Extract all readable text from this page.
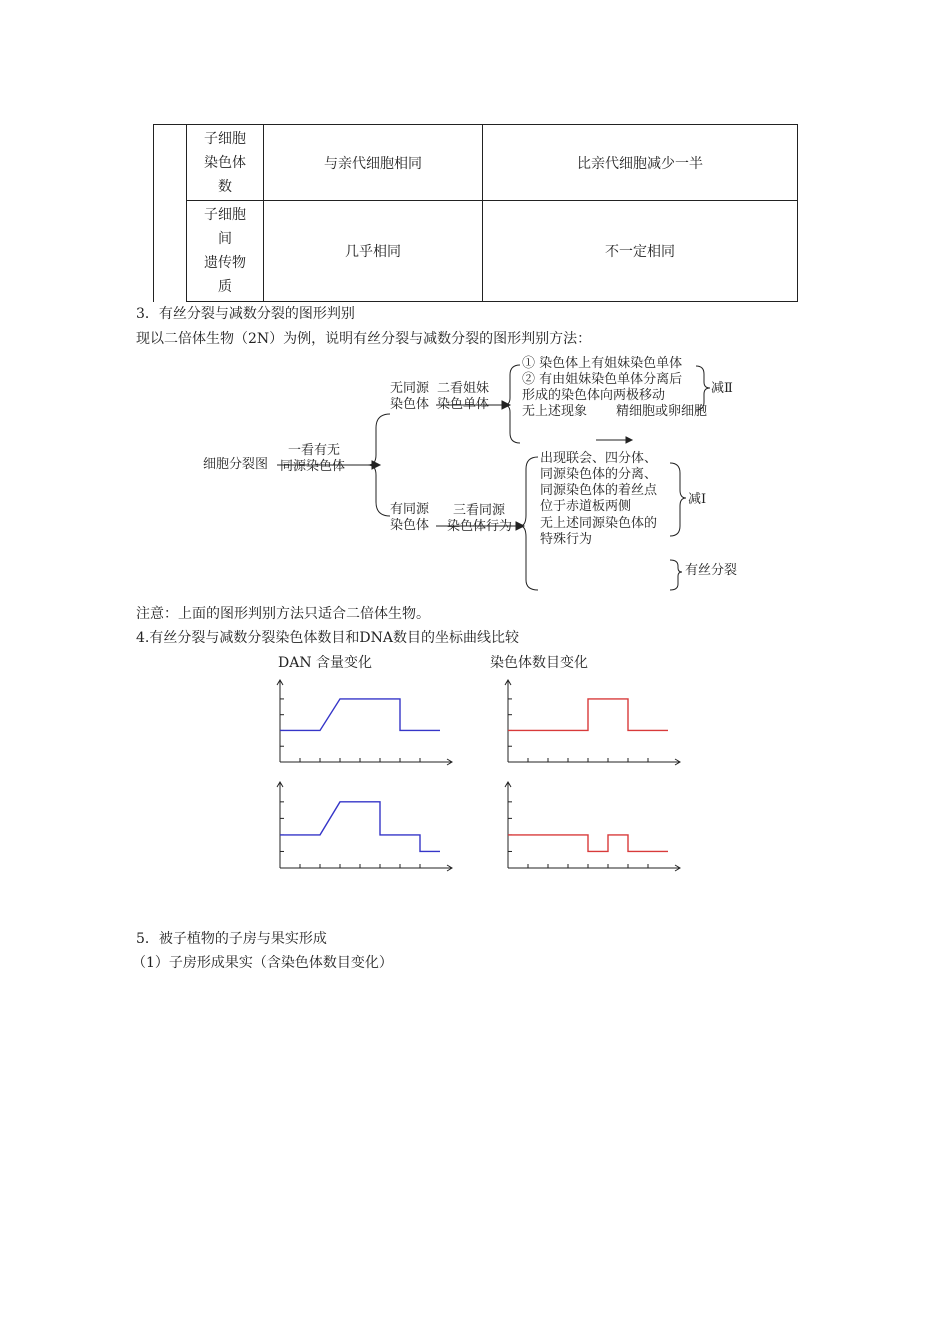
	子细胞
染色体
数	与亲代细胞相同	比亲代细胞减少一半

	子细胞
间
遗传物
质	几乎相同	不一定相同
3．有丝分裂与减数分裂的图形判别
现以二倍体生物（2N）为例，说明有丝分裂与减数分裂的图形判别方法：
细胞分裂图
一看有无
同源染色体
无同源
染色体
二看姐妹
染色单体
① 染色体上有姐妹染色单体
② 有由姐妹染色单体分离后
形成的染色体向两极移动
无上述现象 精细胞或卵细胞
减Ⅱ
有同源
染色体
三看同源
染色体行为
出现联会、四分体、
同源染色体的分离、
同源染色体的着丝点
位于赤道板两侧
无上述同源染色体的
特殊行为
减Ⅰ
有丝分裂
注意：上面的图形判别方法只适合二倍体生物。
4.有丝分裂与减数分裂染色体数目和DNA数目的坐标曲线比较
DAN 含量变化	染色体数目变化
5．被子植物的子房与果实形成
（1）子房形成果实（含染色体数目变化）
